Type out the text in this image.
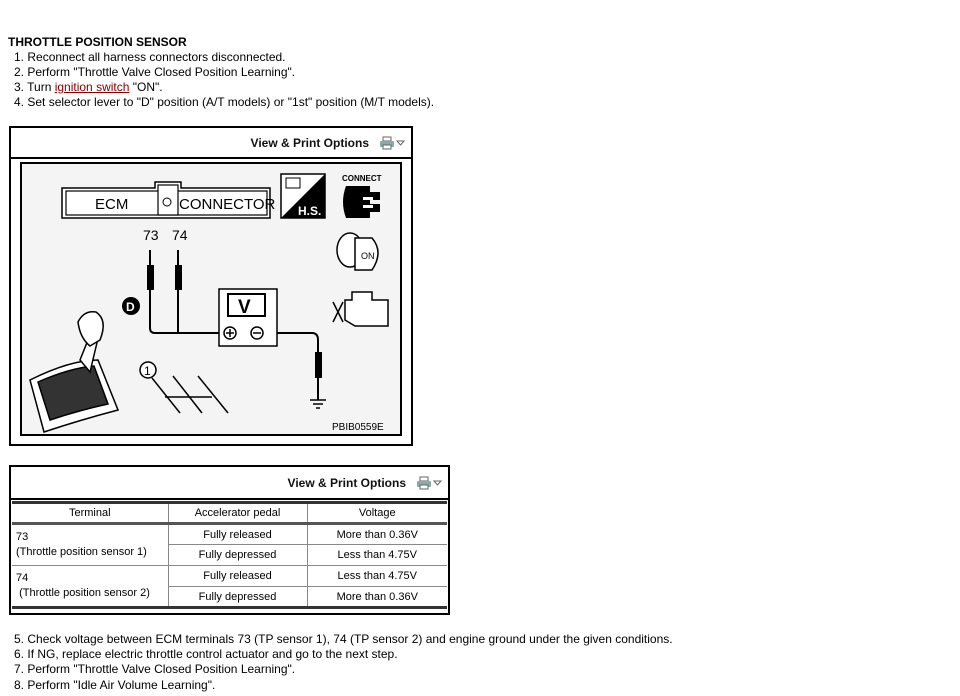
THROTTLE POSITION SENSOR
1. Reconnect all harness connectors disconnected.
2. Perform "Throttle Valve Closed Position Learning".
3. Turn ignition switch "ON".
4. Set selector lever to "D" position (A/T models) or "1st" position (M/T models).
View & Print Options
ECM	CONNECTOR H.S.
CONNECT
ON
73 74
V
D
1
PBIB0559E
View & Print Options
Terminal	Accelerator pedal	Voltage
73
(Throttle position sensor 1)	Fully released	More than 0.36V
	Fully depressed	Less than 4.75V
74
(Throttle position sensor 2)	Fully released	Less than 4.75V
	Fully depressed	More than 0.36V
5. Check voltage between ECM terminals 73 (TP sensor 1), 74 (TP sensor 2) and engine ground under the given conditions.
6. If NG, replace electric throttle control actuator and go to the next step.
7. Perform "Throttle Valve Closed Position Learning".
8. Perform "Idle Air Volume Learning".
